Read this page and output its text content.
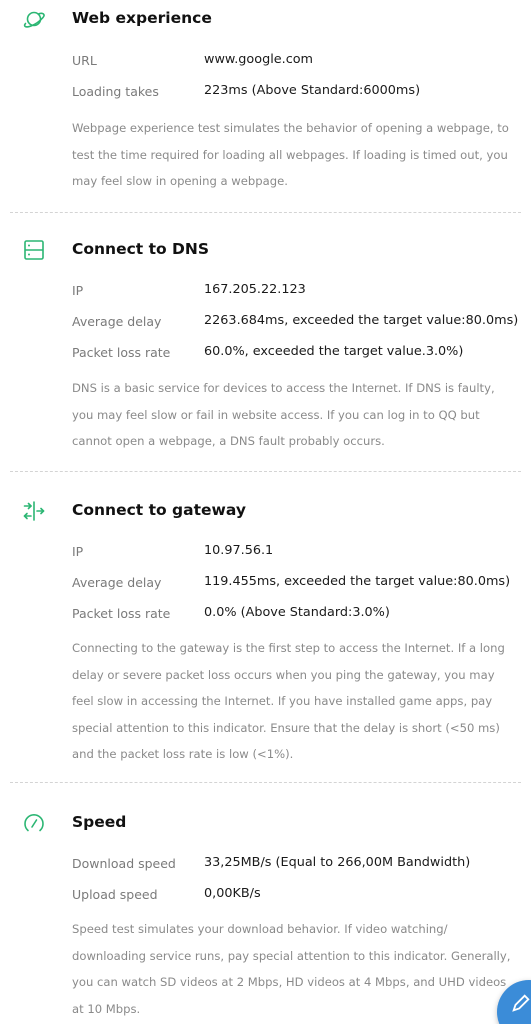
Web experience
URL	www.google.com
Loading takes	223ms (Above Standard:6000ms)
Webpage experience test simulates the behavior of opening a webpage, to test the time required for loading all webpages. If loading is timed out, you may feel slow in opening a webpage.
Connect to DNS
IP	167.205.22.123
Average delay	2263.684ms, exceeded the target value:80.0ms)
Packet loss rate	60.0%, exceeded the target value.3.0%)
DNS is a basic service for devices to access the Internet. If DNS is faulty, you may feel slow or fail in website access. If you can log in to QQ but cannot open a webpage, a DNS fault probably occurs.
Connect to gateway
IP	10.97.56.1
Average delay	119.455ms, exceeded the target value:80.0ms)
Packet loss rate	0.0% (Above Standard:3.0%)
Connecting to the gateway is the first step to access the Internet. If a long delay or severe packet loss occurs when you ping the gateway, you may feel slow in accessing the Internet. If you have installed game apps, pay special attention to this indicator. Ensure that the delay is short (<50 ms) and the packet loss rate is low (<1%).
Speed
Download speed 33,25MB/s (Equal to 266,00M Bandwidth)
Upload speed	0,00KB/s
Speed test simulates your download behavior. If video watching/ downloading service runs, pay special attention to this indicator. Generally, you can watch SD videos at 2 Mbps, HD videos at 4 Mbps, and UHD videos at 10 Mbps.
